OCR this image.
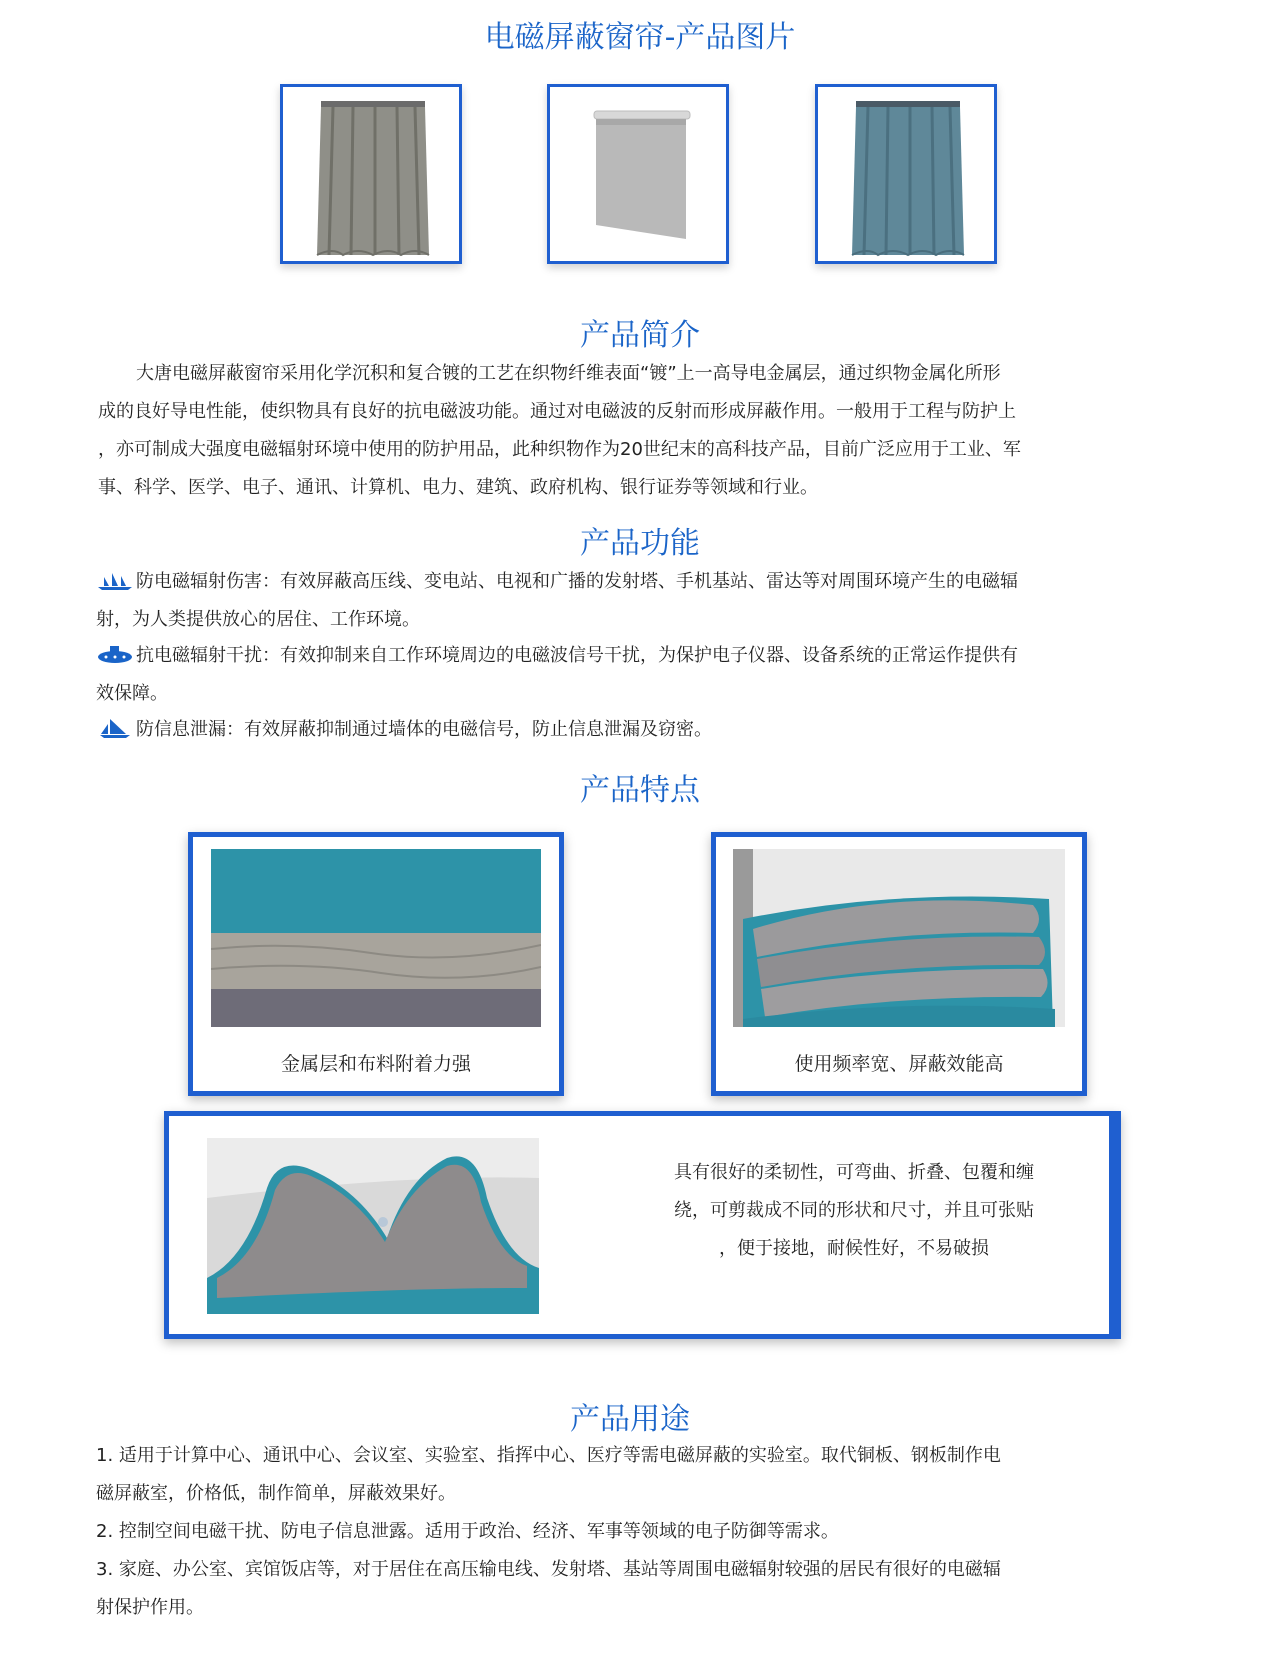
电磁屏蔽窗帘-产品图片
产品简介
大唐电磁屏蔽窗帘采用化学沉积和复合镀的工艺在织物纤维表面“镀”上一高导电金属层，通过织物金属化所形
成的良好导电性能，使织物具有良好的抗电磁波功能。通过对电磁波的反射而形成屏蔽作用。一般用于工程与防护上
，亦可制成大强度电磁辐射环境中使用的防护用品，此种织物作为20世纪末的高科技产品，目前广泛应用于工业、军
事、科学、医学、电子、通讯、计算机、电力、建筑、政府机构、银行证券等领域和行业。
产品功能
防电磁辐射伤害：有效屏蔽高压线、变电站、电视和广播的发射塔、手机基站、雷达等对周围环境产生的电磁辐
射，为人类提供放心的居住、工作环境。
抗电磁辐射干扰：有效抑制来自工作环境周边的电磁波信号干扰，为保护电子仪器、设备系统的正常运作提供有
效保障。
防信息泄漏：有效屏蔽抑制通过墙体的电磁信号，防止信息泄漏及窃密。
产品特点
金属层和布料附着力强	使用频率宽、屏蔽效能高
具有很好的柔韧性，可弯曲、折叠、包覆和缠
绕，可剪裁成不同的形状和尺寸，并且可张贴
，便于接地，耐候性好，不易破损
产品用途
1. 适用于计算中心、通讯中心、会议室、实验室、指挥中心、医疗等需电磁屏蔽的实验室。取代铜板、钢板制作电
磁屏蔽室，价格低，制作简单，屏蔽效果好。
2. 控制空间电磁干扰、防电子信息泄露。适用于政治、经济、军事等领域的电子防御等需求。
3. 家庭、办公室、宾馆饭店等，对于居住在高压输电线、发射塔、基站等周围电磁辐射较强的居民有很好的电磁辐
射保护作用。
